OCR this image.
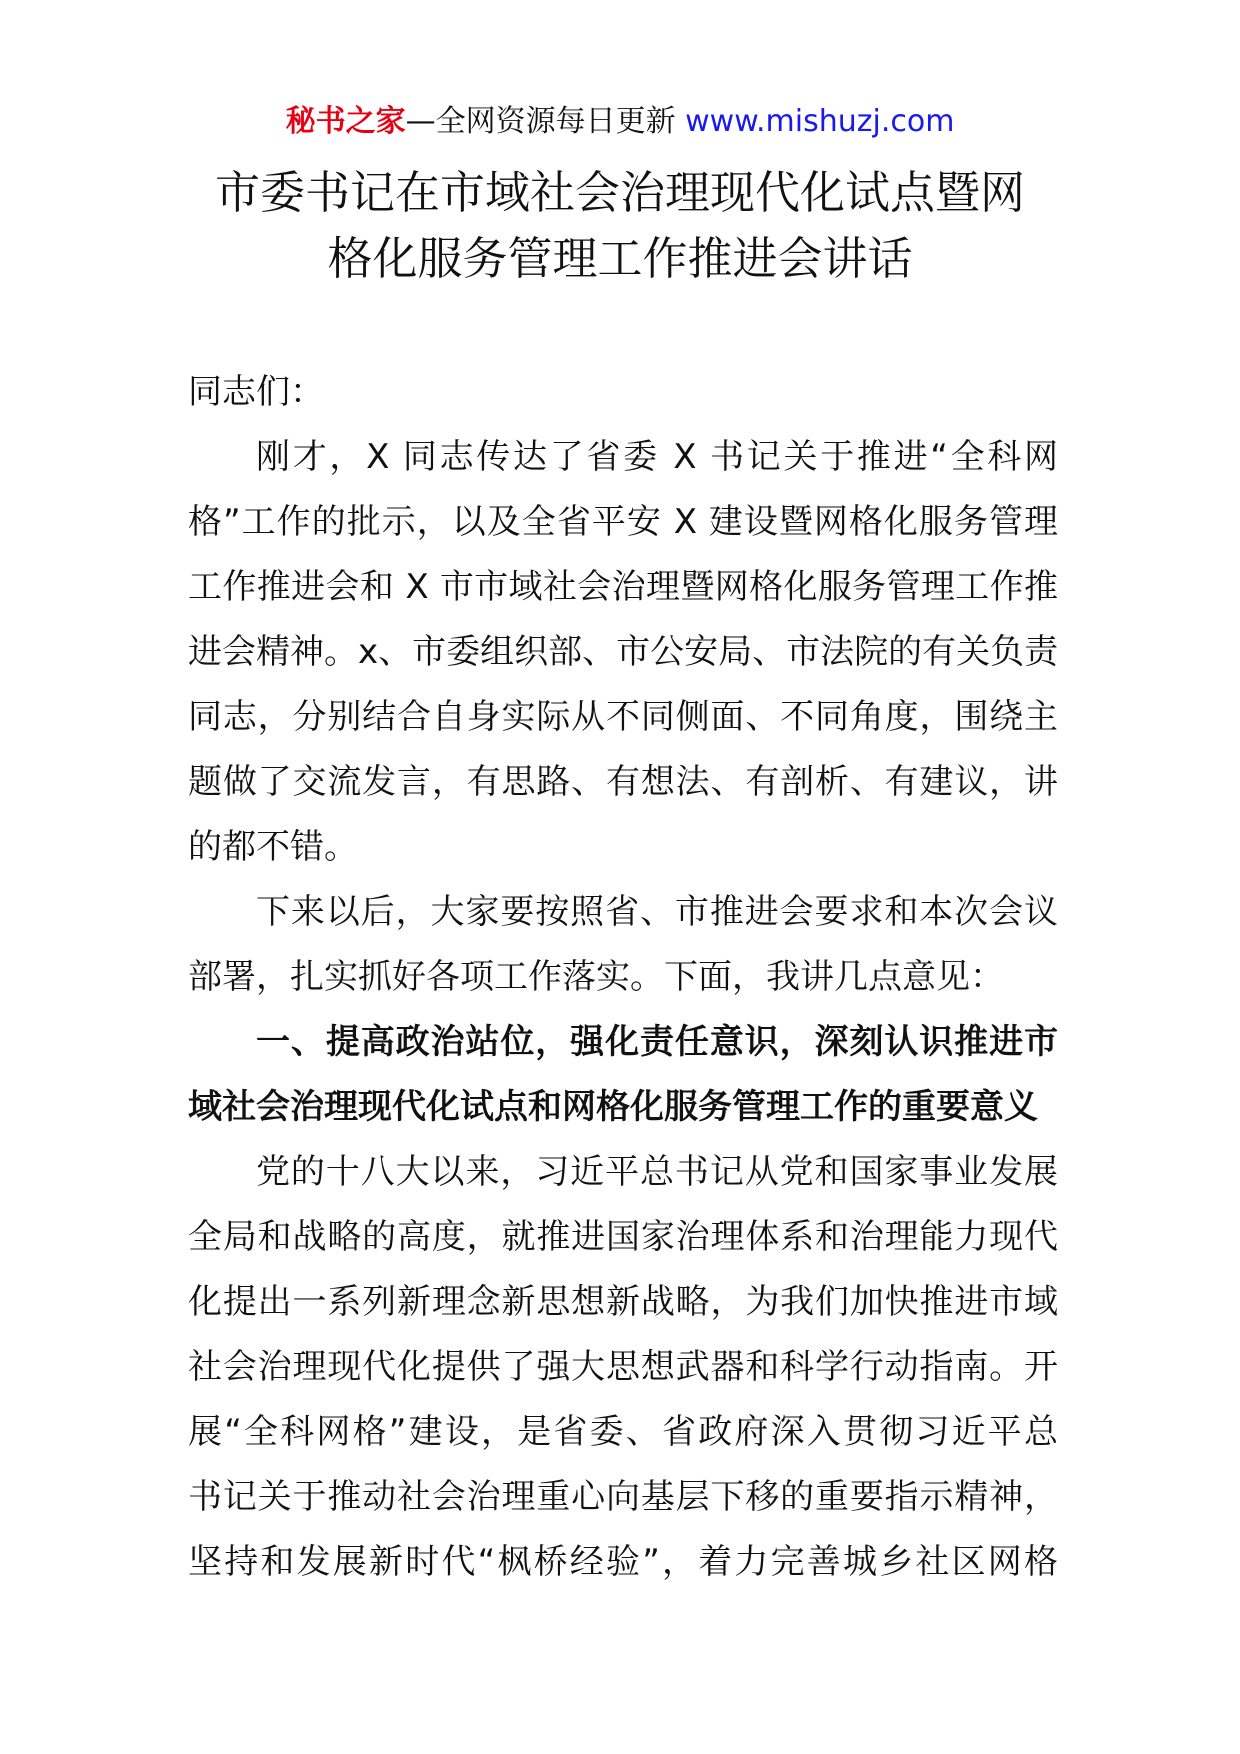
秘书之家—全网资源每日更新 www.mishuzj.com
市委书记在市域社会治理现代化试点暨网
格化服务管理工作推进会讲话

同志们：

刚才，X 同志传达了省委 X 书记关于推进“全科网
格”工作的批示，以及全省平安 X 建设暨网格化服务管理
工作推进会和 X 市市域社会治理暨网格化服务管理工作推
进会精神。x、市委组织部、市公安局、市法院的有关负责
同志，分别结合自身实际从不同侧面、不同角度，围绕主
题做了交流发言，有思路、有想法、有剖析、有建议，讲
的都不错。

下来以后，大家要按照省、市推进会要求和本次会议
部署，扎实抓好各项工作落实。下面，我讲几点意见：

一、提高政治站位，强化责任意识，深刻认识推进市
域社会治理现代化试点和网格化服务管理工作的重要意义

党的十八大以来，习近平总书记从党和国家事业发展
全局和战略的高度，就推进国家治理体系和治理能力现代
化提出一系列新理念新思想新战略，为我们加快推进市域
社会治理现代化提供了强大思想武器和科学行动指南。开
展“全科网格”建设，是省委、省政府深入贯彻习近平总
书记关于推动社会治理重心向基层下移的重要指示精神，
坚持和发展新时代“枫桥经验”，着力完善城乡社区网格
